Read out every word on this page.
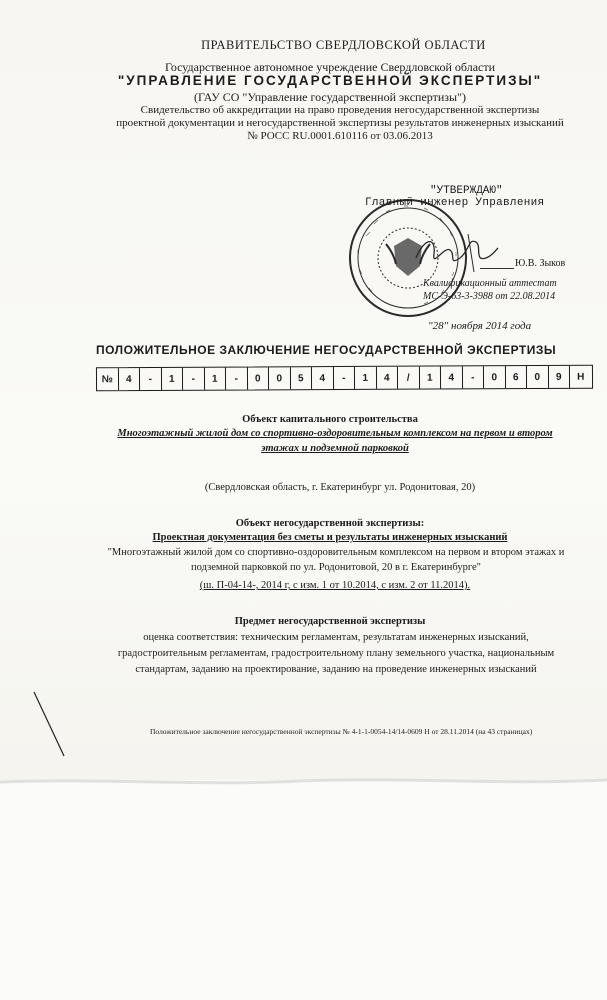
ПРАВИТЕЛЬСТВО СВЕРДЛОВСКОЙ ОБЛАСТИ
Государственное автономное учреждение Свердловской области
"УПРАВЛЕНИЕ ГОСУДАРСТВЕННОЙ ЭКСПЕРТИЗЫ"
(ГАУ СО "Управление государственной экспертизы")
Свидетельство об аккредитации на право проведения негосударственной экспертизы
проектной документации и негосударственной экспертизы результатов инженерных изысканий
№ РОСС RU.0001.610116 от 03.06.2013
"УТВЕРЖДАЮ"
Главный инженер Управления
Ю.В. Зыков
Квалификационный аттестат
МС-Э-63-3-3988 от 22.08.2014
"28" ноября 2014 года
ПОЛОЖИТЕЛЬНОЕ ЗАКЛЮЧЕНИЕ НЕГОСУДАРСТВЕННОЙ ЭКСПЕРТИЗЫ
№	4	-	1	-	1	-	0	0	5	4	-	1	4	/	1	4	-	0	6	0	9	Н
Объект капитального строительства
Многоэтажный жилой дом со спортивно-оздоровительным комплексом на первом и втором
этажах и подземной парковкой
(Свердловская область, г. Екатеринбург ул. Родонитовая, 20)
Объект негосударственной экспертизы:
Проектная документация без сметы и результаты инженерных изысканий
"Многоэтажный жилой дом со спортивно-оздоровительным комплексом на первом и втором этажах и
подземной парковкой по ул. Родонитовой, 20 в г. Екатеринбурге"
(ш. П-04-14-, 2014 г, с изм. 1 от 10.2014, с изм. 2 от 11.2014).
Предмет негосударственной экспертизы
оценка соответствия: техническим регламентам, результатам инженерных изысканий,
градостроительным регламентам, градостроительному плану земельного участка, национальным
стандартам, заданию на проектирование, заданию на проведение инженерных изысканий
Положительное заключение негосударственной экспертизы № 4-1-1-0054-14/14-0609 Н от 28.11.2014 (на 43 страницах)
